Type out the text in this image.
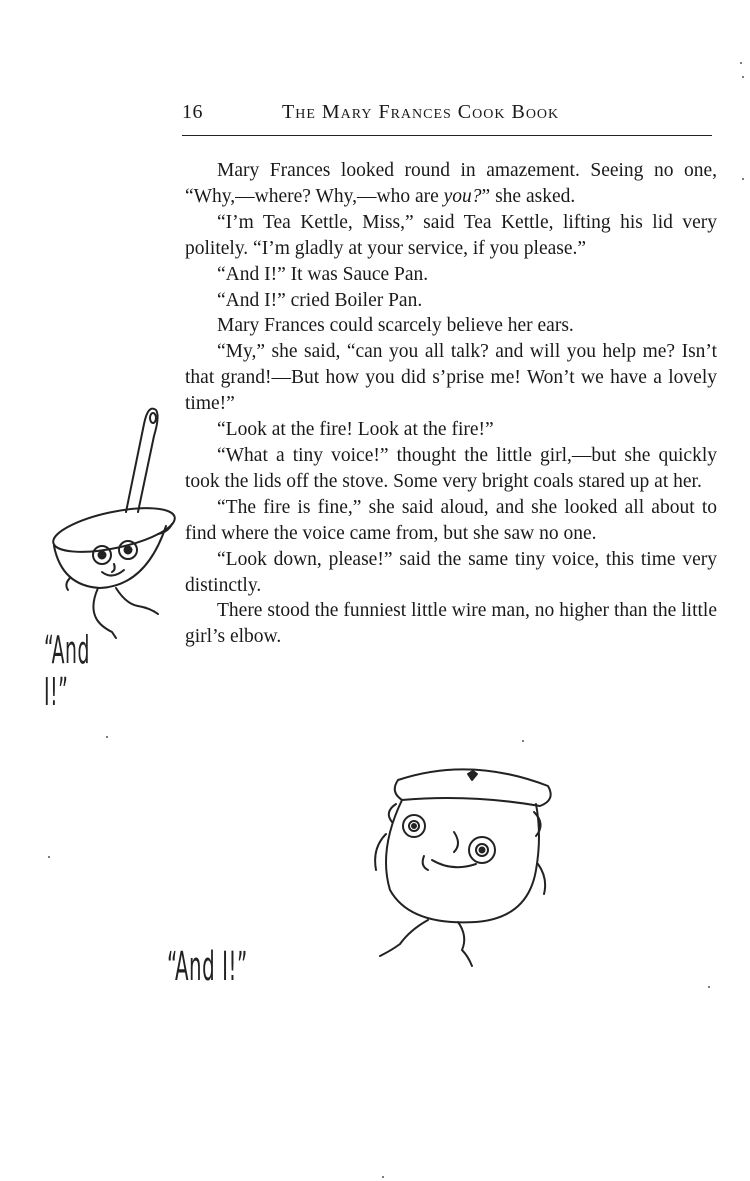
16	The Mary Frances Cook Book

Mary Frances looked round in amazement. Seeing no one, “Why,—where? Why,—who are you?” she asked.

“I’m Tea Kettle, Miss,” said Tea Kettle, lifting his lid very politely. “I’m gladly at your service, if you please.”

“And I!” It was Sauce Pan.

“And I!” cried Boiler Pan.

Mary Frances could scarcely believe her ears.

“My,” she said, “can you all talk? and will you help me? Isn’t that grand!—But how you did s’prise me! Won’t we have a lovely time!”

“Look at the fire! Look at the fire!”

“What a tiny voice!” thought the little girl,—but she quickly took the lids off the stove. Some very bright coals stared up at her.

“The fire is fine,” she said aloud, and she looked all about to find where the voice came from, but she saw no one.

“Look down, please!” said the same tiny voice, this time very distinctly.

There stood the funniest little wire man, no higher than the little girl’s elbow.

“And
I!”
“And I!”
